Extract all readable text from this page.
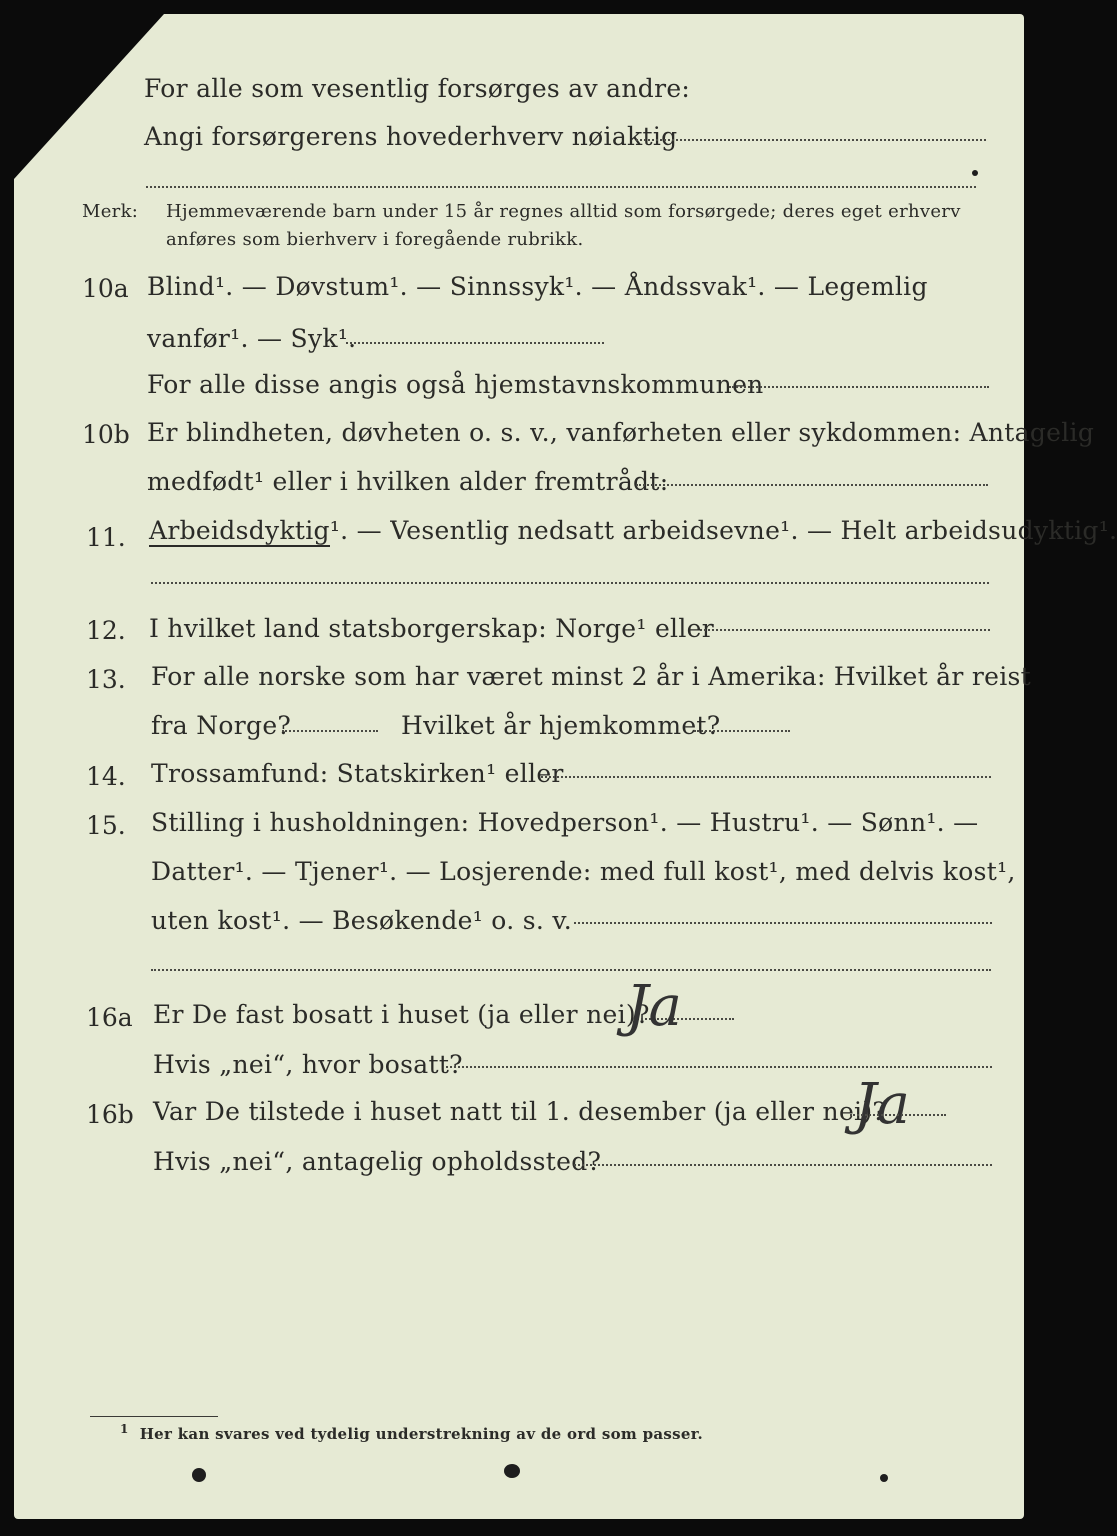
For alle som vesentlig forsørges av andre:
Angi forsørgerens hovederhverv nøiaktig
Merk: Hjemmeværende barn under 15 år regnes alltid som forsørgede; deres eget erhverv
anføres som bierhverv i foregående rubrikk.
10a Blind¹. — Døvstum¹. — Sinnssyk¹. — Åndssvak¹. — Legemlig
vanfør¹. — Syk¹.
For alle disse angis også hjemstavnskommunen
10b Er blindheten, døvheten o. s. v., vanførheten eller sykdommen: Antagelig
medfødt¹ eller i hvilken alder fremtrådt:
11. Arbeidsdyktig¹. — Vesentlig nedsatt arbeidsevne¹. — Helt arbeidsudyktig¹.
12. I hvilket land statsborgerskap: Norge¹ eller
13. For alle norske som har været minst 2 år i Amerika: Hvilket år reist
fra Norge?	Hvilket år hjemkommet?
14. Trossamfund: Statskirken¹ eller
15. Stilling i husholdningen: Hovedperson¹. — Hustru¹. — Sønn¹. —
Datter¹. — Tjener¹. — Losjerende: med full kost¹, med delvis kost¹,
uten kost¹. — Besøkende¹ o. s. v.
16a Er De fast bosatt i huset (ja eller nei)?
Ja
Hvis „nei“, hvor bosatt?
16b Var De tilstede i huset natt til 1. desember (ja eller nei)?
Ja
Hvis „nei“, antagelig opholdssted?
$^1$ Her kan svares ved tydelig understrekning av de ord som passer.
